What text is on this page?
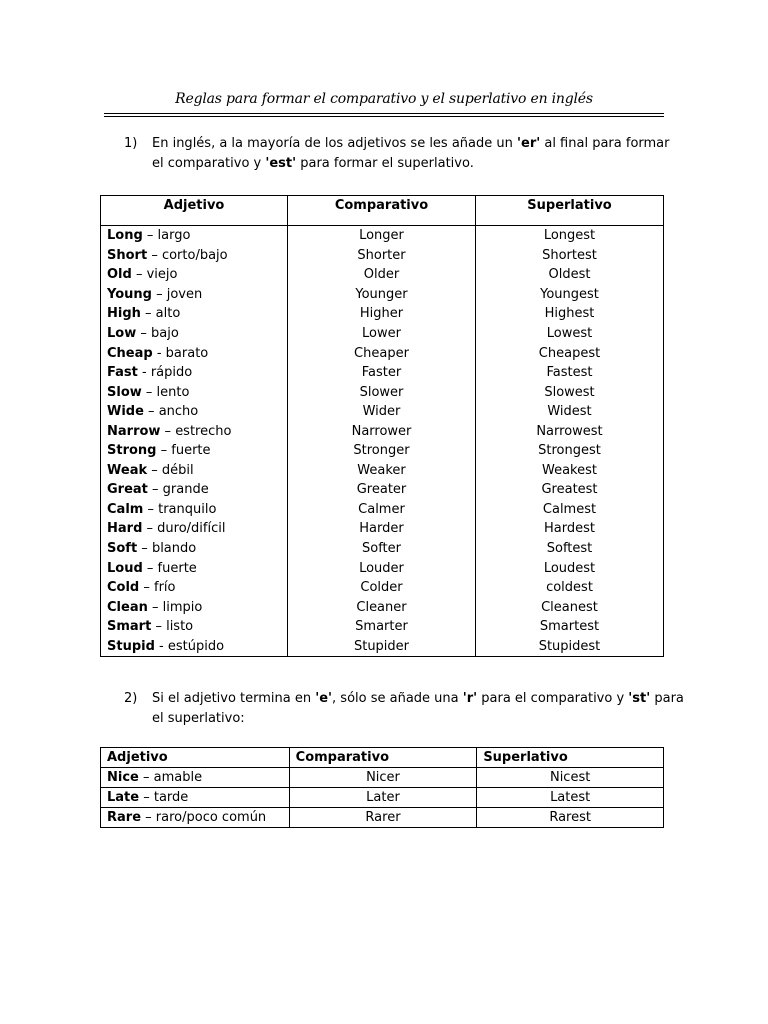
Reglas para formar el comparativo y el superlativo en inglés
1) En inglés, a la mayoría de los adjetivos se les añade un 'er' al final para formar el comparativo y 'est' para formar el superlativo.
Adjetivo	Comparativo	Superlativo
Long – largo	Longer	Longest
Short – corto/bajo	Shorter	Shortest
Old – viejo	Older	Oldest
Young – joven	Younger	Youngest
High – alto	Higher	Highest
Low – bajo	Lower	Lowest
Cheap - barato	Cheaper	Cheapest
Fast - rápido	Faster	Fastest
Slow – lento	Slower	Slowest
Wide – ancho	Wider	Widest
Narrow – estrecho	Narrower	Narrowest
Strong – fuerte	Stronger	Strongest
Weak – débil	Weaker	Weakest
Great – grande	Greater	Greatest
Calm – tranquilo	Calmer	Calmest
Hard – duro/difícil	Harder	Hardest
Soft – blando	Softer	Softest
Loud – fuerte	Louder	Loudest
Cold – frío	Colder	coldest
Clean – limpio	Cleaner	Cleanest
Smart – listo	Smarter	Smartest
Stupid - estúpido	Stupider	Stupidest
2) Si el adjetivo termina en 'e', sólo se añade una 'r' para el comparativo y 'st' para el superlativo:
Adjetivo	Comparativo	Superlativo
Nice – amable	Nicer	Nicest
Late – tarde	Later	Latest
Rare – raro/poco común	Rarer	Rarest
